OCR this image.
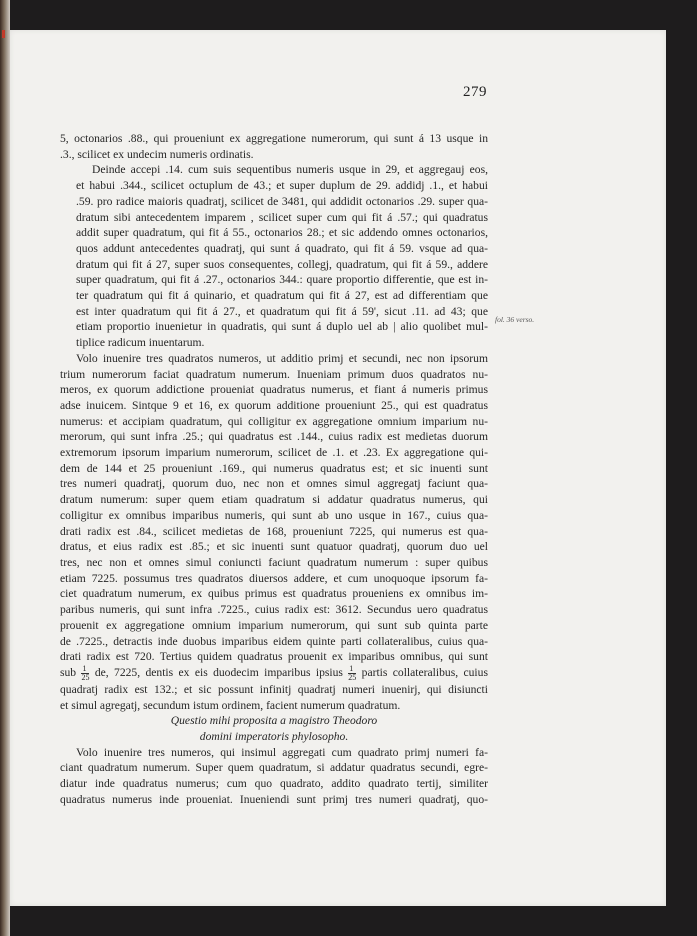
279
fol. 36 verso.

5, octonarios .88., qui proueniunt ex aggregatione numerorum, qui sunt á 13 usque in
.3., scilicet ex undecim numeris ordinatis.

Deinde accepi .14. cum suis sequentibus numeris usque in 29, et aggregauj eos,
et habui .344., scilicet octuplum de 43.; et super duplum de 29. addidj .1., et habui
.59. pro radice maioris quadratj, scilicet de 3481, qui addidit octonarios .29. super qua-
dratum sibi antecedentem imparem , scilicet super cum qui fit á .57.; qui quadratus
addit super quadratum, qui fit á 55., octonarios 28.; et sic addendo omnes octonarios,
quos addunt antecedentes quadratj, qui sunt á quadrato, qui fit á 59. vsque ad qua-
dratum qui fit á 27, super suos consequentes, collegj, quadratum, qui fit á 59., addere
super quadratum, qui fit á .27., octonarios 344.: quare proportio differentie, que est in-
ter quadratum qui fit á quinario, et quadratum qui fit á 27, est ad differentiam que
est inter quadratum qui fit á 27., et quadratum qui fit á 59', sicut .11. ad 43; que
etiam proportio inuenietur in quadratis, qui sunt á duplo uel ab | alio quolibet mul-
tiplice radicum inuentarum.

Volo inuenire tres quadratos numeros, ut additio primj et secundi, nec non ipsorum
trium numerorum faciat quadratum numerum. Inueniam primum duos quadratos nu-
meros, ex quorum addictione proueniat quadratus numerus, et fiant á numeris primus
adse inuicem. Sintque 9 et 16, ex quorum additione proueniunt 25., qui est quadratus
numerus: et accipiam quadratum, qui colligitur ex aggregatione omnium imparium nu-
merorum, qui sunt infra .25.; qui quadratus est .144., cuius radix est medietas duorum
extremorum ipsorum imparium numerorum, scilicet de .1. et .23. Ex aggregatione qui-
dem de 144 et 25 proueniunt .169., qui numerus quadratus est; et sic inuenti sunt
tres numeri quadratj, quorum duo, nec non et omnes simul aggregatj faciunt qua-
dratum numerum: super quem etiam quadratum si addatur quadratus numerus, qui
colligitur ex omnibus imparibus numeris, qui sunt ab uno usque in 167., cuius qua-
drati radix est .84., scilicet medietas de 168, proueniunt 7225, qui numerus est qua-
dratus, et eius radix est .85.; et sic inuenti sunt quatuor quadratj, quorum duo uel
tres, nec non et omnes simul coniuncti faciunt quadratum numerum : super quibus
etiam 7225. possumus tres quadratos diuersos addere, et cum unoquoque ipsorum fa-
ciet quadratum numerum, ex quibus primus est quadratus proueniens ex omnibus im-
paribus numeris, qui sunt infra .7225., cuius radix est: 3612. Secundus uero quadratus
prouenit ex aggregatione omnium imparium numerorum, qui sunt sub quinta parte
de .7225., detractis inde duobus imparibus eidem quinte parti collateralibus, cuius qua-
drati radix est 720. Tertius quidem quadratus prouenit ex imparibus omnibus, qui sunt
sub $\frac{1}{25}$ de, 7225, dentis ex eis duodecim imparibus ipsius $\frac{1}{25}$ partis collateralibus, cuius
quadratj radix est 132.; et sic possunt infinitj quadratj numeri inuenirj, qui disiuncti
et simul agregatj, secundum istum ordinem, facient numerum quadratum.

Questio mihi proposita a magistro Theodoro
domini imperatoris phylosopho.

Volo inuenire tres numeros, qui insimul aggregati cum quadrato primj numeri fa-
ciant quadratum numerum. Super quem quadratum, si addatur quadratus secundi, egre-
diatur inde quadratus numerus; cum quo quadrato, addito quadrato tertij, similiter
quadratus numerus inde proueniat. Inueniendi sunt primj tres numeri quadratj, quo-
